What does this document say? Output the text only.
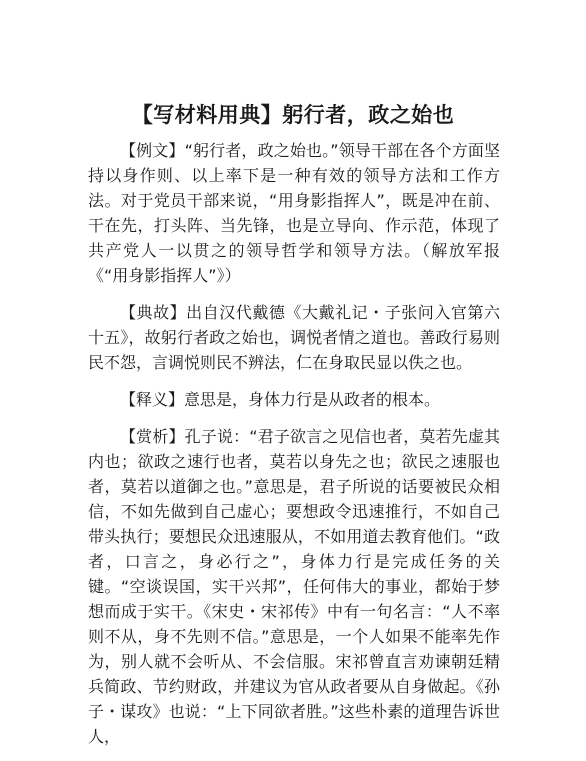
【写材料用典】躬行者，政之始也

【例文】“躬行者，政之始也。”领导干部在各个方面坚持以身作则、以上率下是一种有效的领导方法和工作方法。对于党员干部来说，“用身影指挥人”，既是冲在前、干在先，打头阵、当先锋，也是立导向、作示范，体现了共产党人一以贯之的领导哲学和领导方法。（解放军报《“用身影指挥人”》）

【典故】出自汉代戴德《大戴礼记・子张问入官第六十五》，故躬行者政之始也，调悦者情之道也。善政行易则民不怨，言调悦则民不辨法，仁在身取民显以佚之也。

【释义】意思是，身体力行是从政者的根本。

【赏析】孔子说：“君子欲言之见信也者，莫若先虚其内也；欲政之速行也者，莫若以身先之也；欲民之速服也者，莫若以道御之也。”意思是，君子所说的话要被民众相信，不如先做到自己虚心；要想政令迅速推行，不如自己带头执行；要想民众迅速服从，不如用道去教育他们。“政者，口言之，身必行之”，身体力行是完成任务的关键。“空谈误国，实干兴邦”，任何伟大的事业，都始于梦想而成于实干。《宋史・宋祁传》中有一句名言：“人不率则不从，身不先则不信。”意思是，一个人如果不能率先作为，别人就不会听从、不会信服。宋祁曾直言劝谏朝廷精兵简政、节约财政，并建议为官从政者要从自身做起。《孙子・谋攻》也说：“上下同欲者胜。”这些朴素的道理告诉世人，
